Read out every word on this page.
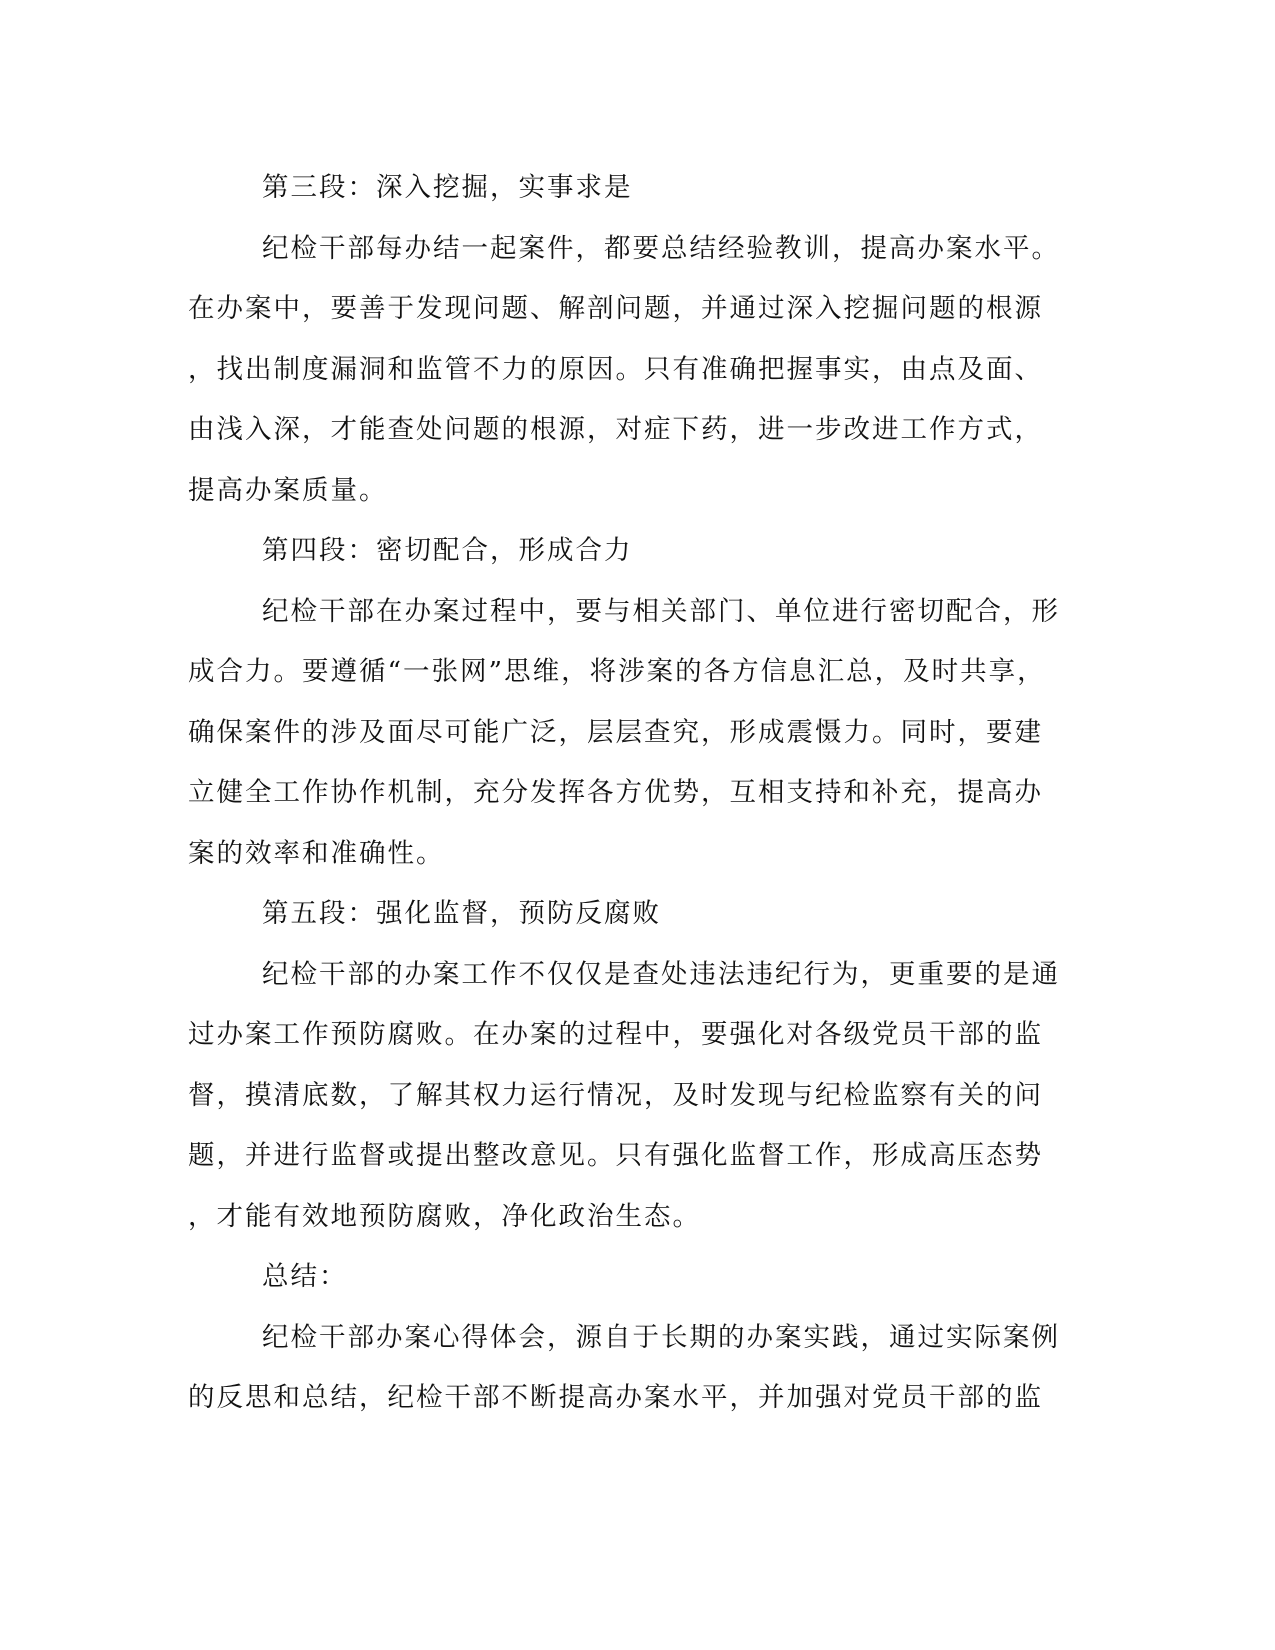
第三段：深入挖掘，实事求是
纪检干部每办结一起案件，都要总结经验教训，提高办案水平。
在办案中，要善于发现问题、解剖问题，并通过深入挖掘问题的根源
，找出制度漏洞和监管不力的原因。只有准确把握事实，由点及面、
由浅入深，才能查处问题的根源，对症下药，进一步改进工作方式，
提高办案质量。
第四段：密切配合，形成合力
纪检干部在办案过程中，要与相关部门、单位进行密切配合，形
成合力。要遵循“一张网”思维，将涉案的各方信息汇总，及时共享，
确保案件的涉及面尽可能广泛，层层查究，形成震慑力。同时，要建
立健全工作协作机制，充分发挥各方优势，互相支持和补充，提高办
案的效率和准确性。
第五段：强化监督，预防反腐败
纪检干部的办案工作不仅仅是查处违法违纪行为，更重要的是通
过办案工作预防腐败。在办案的过程中，要强化对各级党员干部的监
督，摸清底数，了解其权力运行情况，及时发现与纪检监察有关的问
题，并进行监督或提出整改意见。只有强化监督工作，形成高压态势
，才能有效地预防腐败，净化政治生态。
总结：
纪检干部办案心得体会，源自于长期的办案实践，通过实际案例
的反思和总结，纪检干部不断提高办案水平，并加强对党员干部的监
